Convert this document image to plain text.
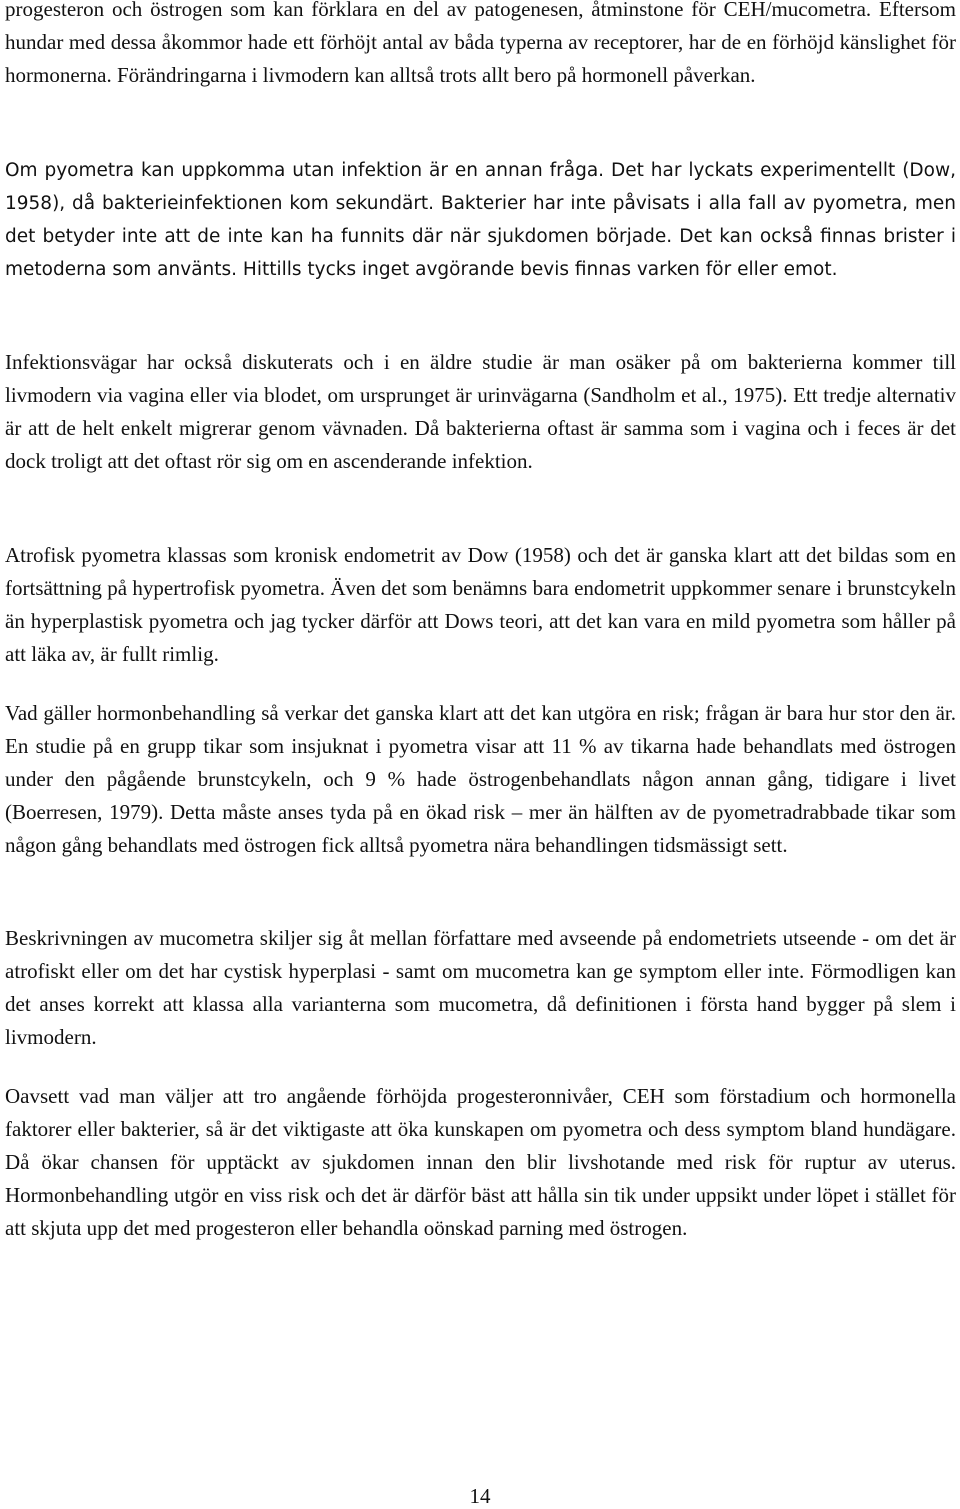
progesteron och östrogen som kan förklara en del av patogenesen, åtminstone för CEH/mucometra. Eftersom hundar med dessa åkommor hade ett förhöjt antal av båda typerna av receptorer, har de en förhöjd känslighet för hormonerna. Förändringarna i livmodern kan alltså trots allt bero på hormonell påverkan.

Om pyometra kan uppkomma utan infektion är en annan fråga. Det har lyckats experimentellt (Dow, 1958), då bakterieinfektionen kom sekundärt. Bakterier har inte påvisats i alla fall av pyometra, men det betyder inte att de inte kan ha funnits där när sjukdomen började. Det kan också finnas brister i metoderna som använts. Hittills tycks inget avgörande bevis finnas varken för eller emot.

Infektionsvägar har också diskuterats och i en äldre studie är man osäker på om bakterierna kommer till livmodern via vagina eller via blodet, om ursprunget är urinvägarna (Sandholm et al., 1975). Ett tredje alternativ är att de helt enkelt migrerar genom vävnaden. Då bakterierna oftast är samma som i vagina och i feces är det dock troligt att det oftast rör sig om en ascenderande infektion.

Atrofisk pyometra klassas som kronisk endometrit av Dow (1958) och det är ganska klart att det bildas som en fortsättning på hypertrofisk pyometra. Även det som benämns bara endometrit uppkommer senare i brunstcykeln än hyperplastisk pyometra och jag tycker därför att Dows teori, att det kan vara en mild pyometra som håller på att läka av, är fullt rimlig.

Vad gäller hormonbehandling så verkar det ganska klart att det kan utgöra en risk; frågan är bara hur stor den är. En studie på en grupp tikar som insjuknat i pyometra visar att 11 % av tikarna hade behandlats med östrogen under den pågående brunstcykeln, och 9 % hade östrogenbehandlats någon annan gång, tidigare i livet (Boerresen, 1979). Detta måste anses tyda på en ökad risk – mer än hälften av de pyometradrabbade tikar som någon gång behandlats med östrogen fick alltså pyometra nära behandlingen tidsmässigt sett.

Beskrivningen av mucometra skiljer sig åt mellan författare med avseende på endometriets utseende - om det är atrofiskt eller om det har cystisk hyperplasi - samt om mucometra kan ge symptom eller inte. Förmodligen kan det anses korrekt att klassa alla varianterna som mucometra, då definitionen i första hand bygger på slem i livmodern.

Oavsett vad man väljer att tro angående förhöjda progesteronnivåer, CEH som förstadium och hormonella faktorer eller bakterier, så är det viktigaste att öka kunskapen om pyometra och dess symptom bland hundägare. Då ökar chansen för upptäckt av sjukdomen innan den blir livshotande med risk för ruptur av uterus. Hormonbehandling utgör en viss risk och det är därför bäst att hålla sin tik under uppsikt under löpet i stället för att skjuta upp det med progesteron eller behandla oönskad parning med östrogen.

14
